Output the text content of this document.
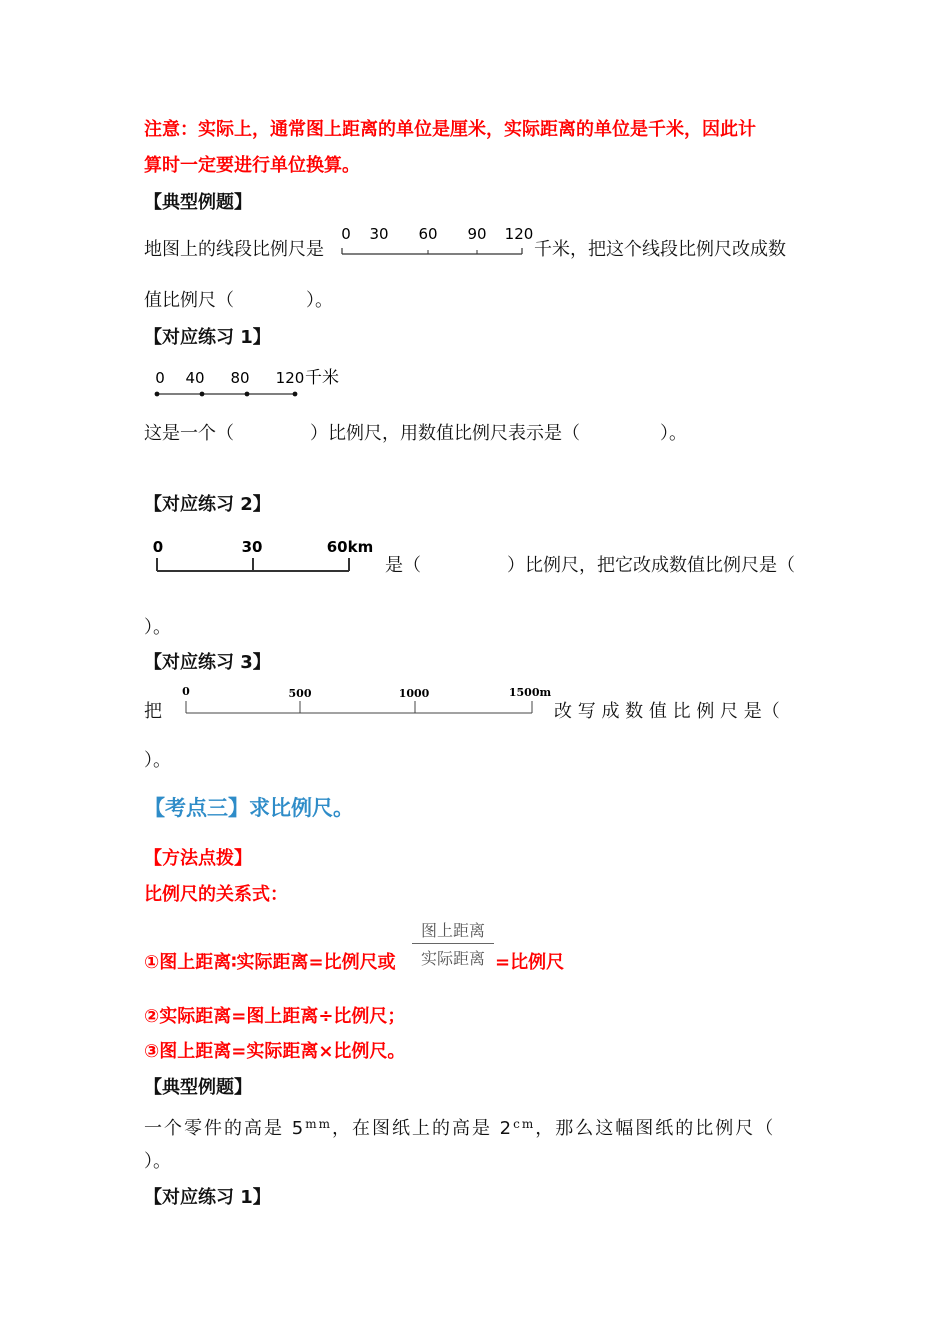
注意：实际上，通常图上距离的单位是厘米，实际距离的单位是千米，因此计
算时一定要进行单位换算。
【典型例题】
地图上的线段比例尺是
0 30 60 90 120
千米，把这个线段比例尺改成数
值比例尺（　　　　）。
【对应练习 1】
0 40 80 120 千米
这是一个（	）比例尺，用数值比例尺表示是（	）。
【对应练习 2】
0	30	60km
是（	）比例尺，把它改成数值比例尺是（
）。
【对应练习 3】
把
0	500	1000	1500m
改 写 成 数 值 比 例 尺 是（
）。
【考点三】求比例尺。
【方法点拨】
比例尺的关系式：
①图上距离∶实际距离=比例尺或
图上距离
实际距离 =比例尺
②实际距离=图上距离÷比例尺；
③图上距离=实际距离×比例尺。
【典型例题】
一个零件的高是 $5^{mm}$，在图纸上的高是 $2^{cm}$，那么这幅图纸的比例尺（
）。
【对应练习 1】
